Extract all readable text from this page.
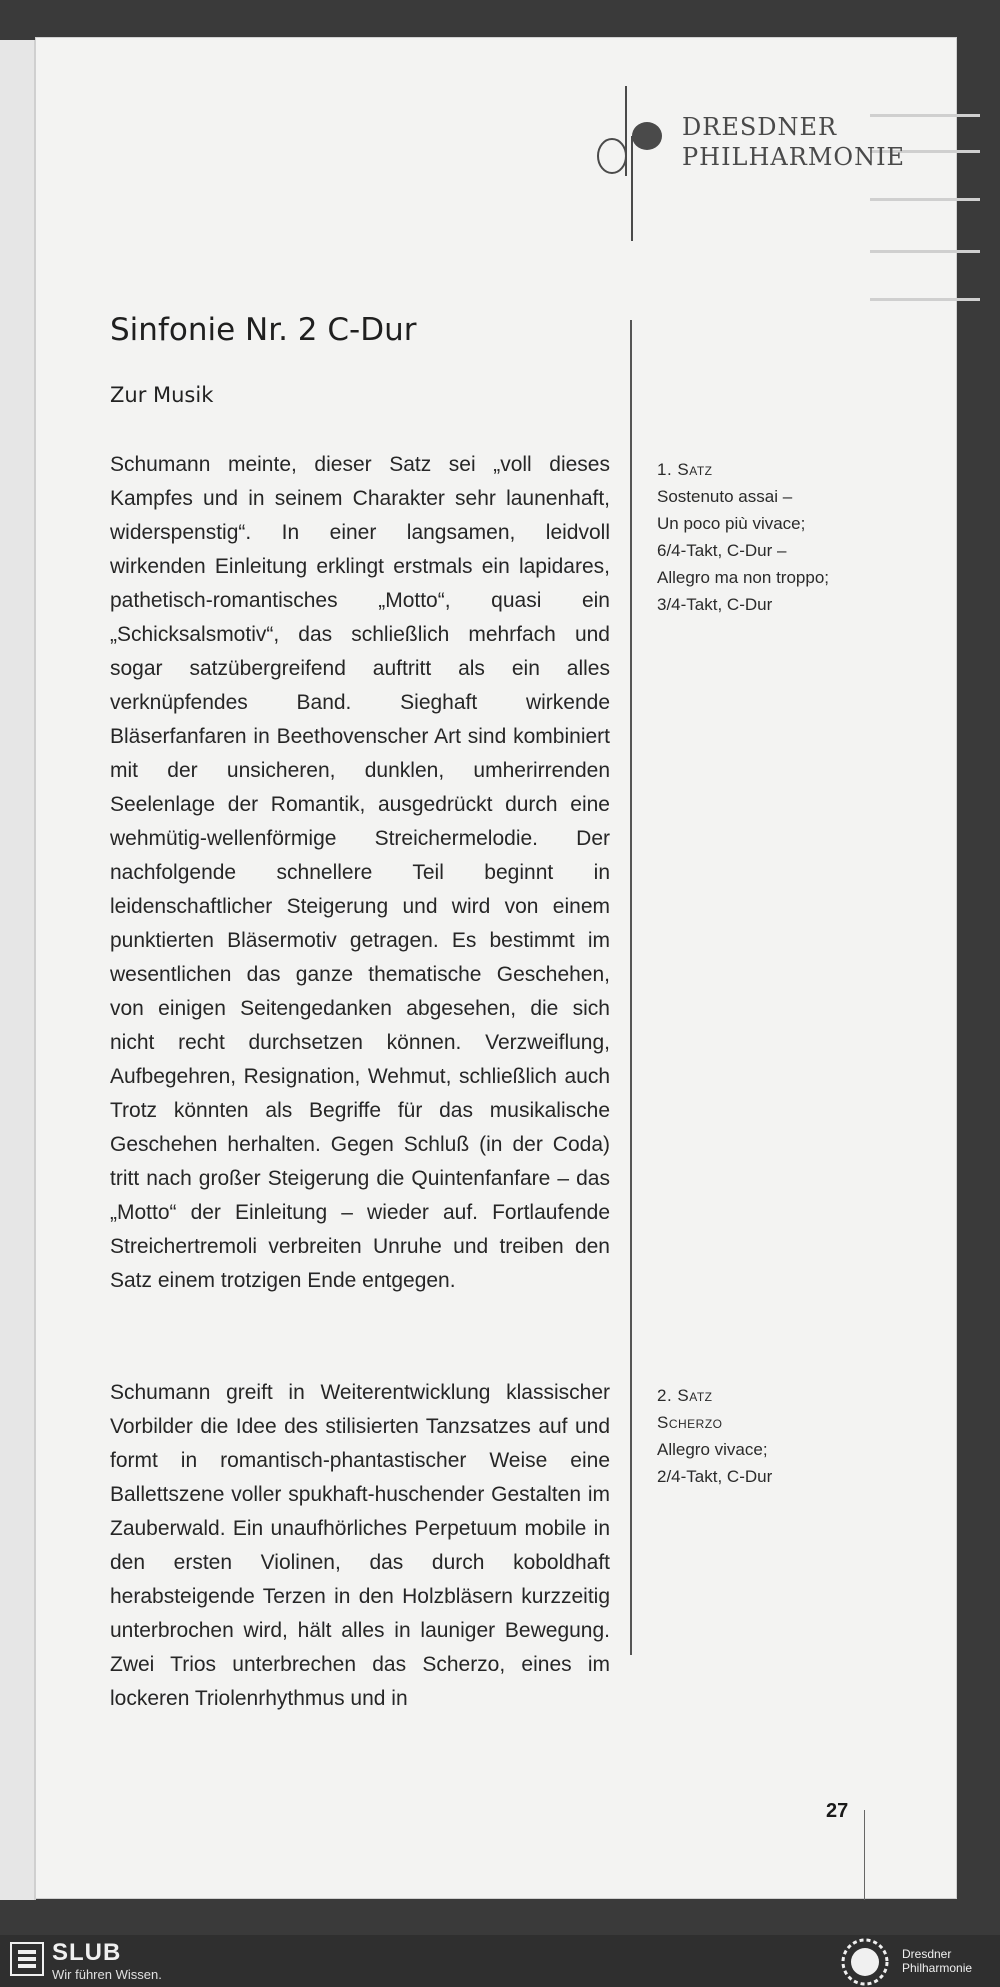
DRESDNER
PHILHARMONIE
Sinfonie Nr. 2 C-Dur
Zur Musik

Schumann meinte, dieser Satz sei „voll dieses Kampfes und in seinem Charakter sehr launenhaft, widerspenstig“. In einer langsamen, leidvoll wirkenden Einleitung erklingt erstmals ein lapidares, pathetisch-romantisches „Motto“, quasi ein „Schicksalsmotiv“, das schließlich mehrfach und sogar satzübergreifend auftritt als ein alles verknüpfendes Band. Sieghaft wirkende Bläserfanfaren in Beethovenscher Art sind kombiniert mit der unsicheren, dunklen, umherirrenden Seelenlage der Romantik, ausgedrückt durch eine wehmütig-wellenförmige Streichermelodie. Der nachfolgende schnellere Teil beginnt in leidenschaftlicher Steigerung und wird von einem punktierten Bläsermotiv getragen. Es bestimmt im wesentlichen das ganze thematische Geschehen, von einigen Seitengedanken abgesehen, die sich nicht recht durchsetzen können. Verzweiflung, Aufbegehren, Resignation, Wehmut, schließlich auch Trotz könnten als Begriffe für das musikalische Geschehen herhalten. Gegen Schluß (in der Coda) tritt nach großer Steigerung die Quintenfanfare – das „Motto“ der Einleitung – wieder auf. Fortlaufende Streichertremoli verbreiten Unruhe und treiben den Satz einem trotzigen Ende entgegen.

Schumann greift in Weiterentwicklung klassischer Vorbilder die Idee des stilisierten Tanzsatzes auf und formt in romantisch-phantastischer Weise eine Ballettszene voller spukhaft-huschender Gestalten im Zauberwald. Ein unaufhörliches Perpetuum mobile in den ersten Violinen, das durch koboldhaft herabsteigende Terzen in den Holzbläsern kurzzeitig unterbrochen wird, hält alles in launiger Bewegung. Zwei Trios unterbrechen das Scherzo, eines im lockeren Triolenrhythmus und in

1. Satz
Sostenuto assai –
Un poco più vivace;
6/4-Takt, C-Dur –
Allegro ma non troppo;
3/4-Takt, C-Dur
2. Satz
Scherzo
Allegro vivace;
2/4-Takt, C-Dur
27
SLUB
Wir führen Wissen.
Dresdner
Philharmonie
